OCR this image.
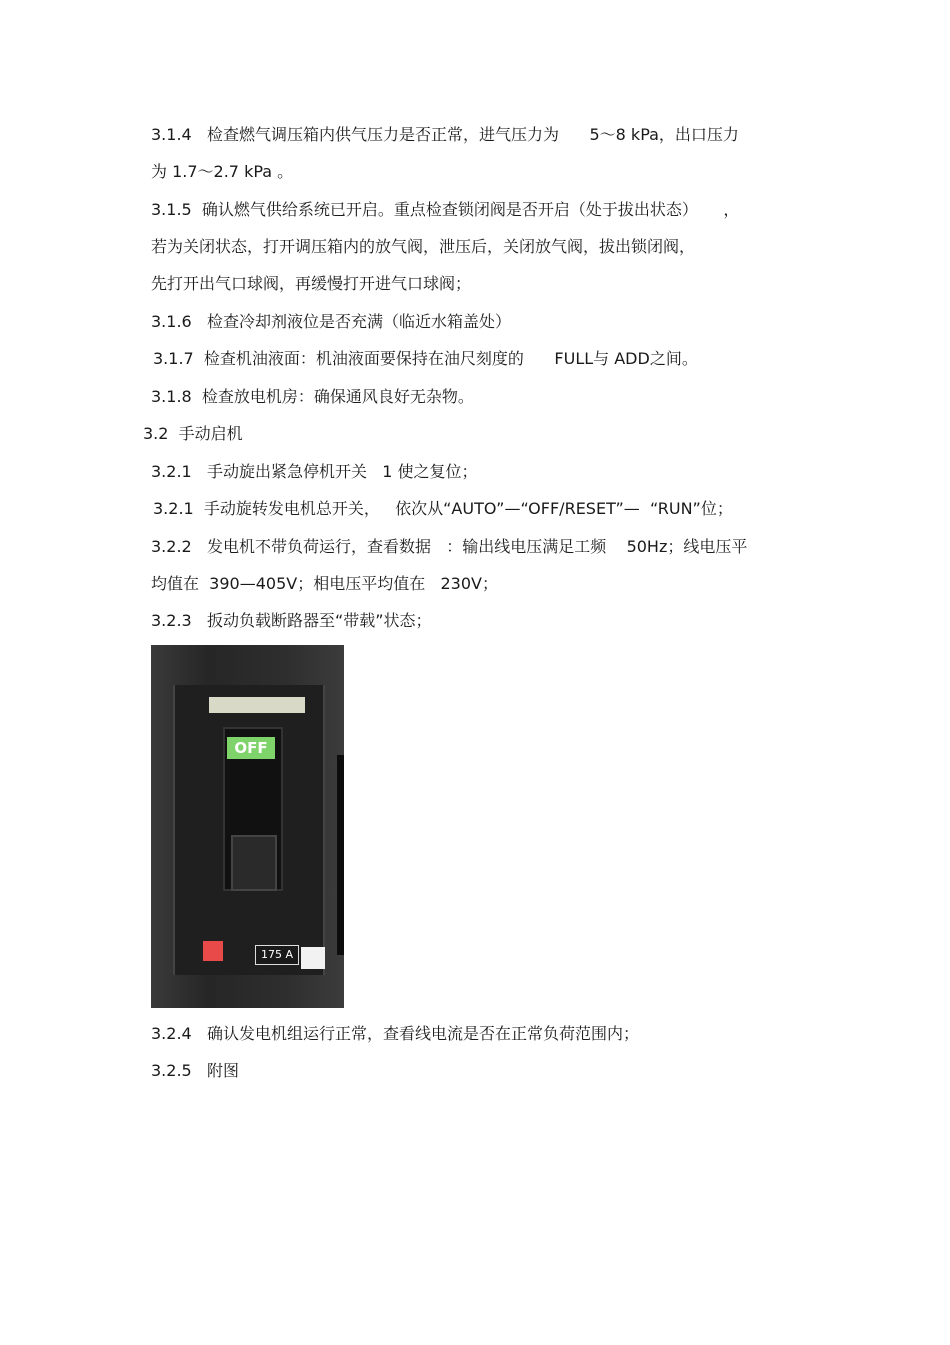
3.1.4   检查燃气调压箱内供气压力是否正常，进气压力为      5～8 kPa，出口压力
为 1.7～2.7 kPa 。
3.1.5  确认燃气供给系统已开启。重点检查锁闭阀是否开启（处于拔出状态）     ，
若为关闭状态，打开调压箱内的放气阀，泄压后，关闭放气阀，拔出锁闭阀，
先打开出气口球阀，再缓慢打开进气口球阀；
3.1.6   检查冷却剂液位是否充满（临近水箱盖处）
3.1.7  检查机油液面：机油液面要保持在油尺刻度的      FULL与 ADD之间。
3.1.8  检查放电机房：确保通风良好无杂物。
3.2  手动启机
3.2.1   手动旋出紧急停机开关   1 使之复位；
3.2.1  手动旋转发电机总开关，   依次从“AUTO”—“OFF/RESET”—  “RUN”位；
3.2.2   发电机不带负荷运行，查看数据   ：输出线电压满足工频    50Hz；线电压平
均值在  390—405V；相电压平均值在   230V；
3.2.3   扳动负载断路器至“带载”状态；
OFF
175 A
3.2.4   确认发电机组运行正常，查看线电流是否在正常负荷范围内；
3.2.5   附图
